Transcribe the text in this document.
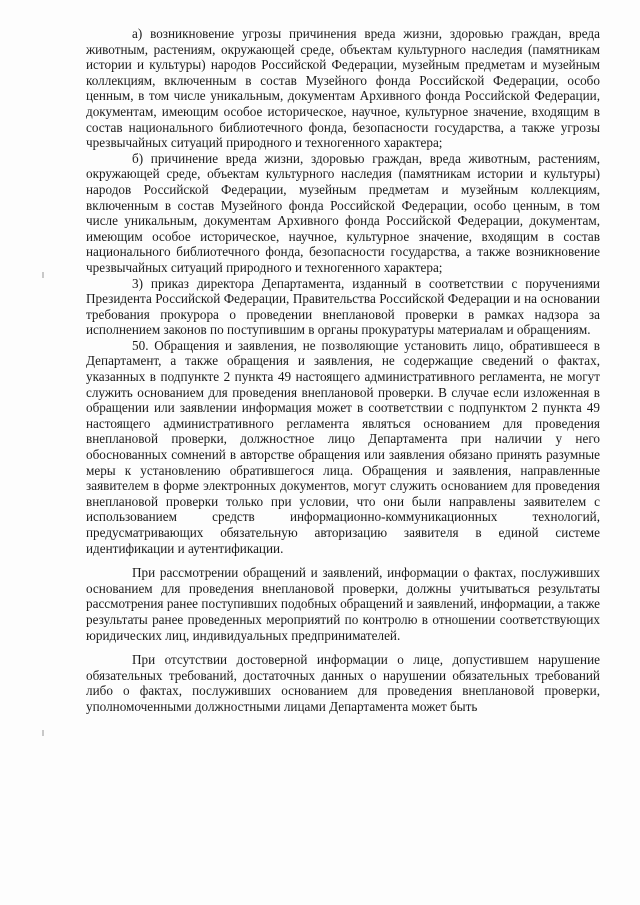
а) возникновение угрозы причинения вреда жизни, здоровью граждан, вреда животным, растениям, окружающей среде, объектам культурного наследия (памятникам истории и культуры) народов Российской Федерации, музейным предметам и музейным коллекциям, включенным в состав Музейного фонда Российской Федерации, особо ценным, в том числе уникальным, документам Архивного фонда Российской Федерации, документам, имеющим особое историческое, научное, культурное значение, входящим в состав национального библиотечного фонда, безопасности государства, а также угрозы чрезвычайных ситуаций природного и техногенного характера;

б) причинение вреда жизни, здоровью граждан, вреда животным, растениям, окружающей среде, объектам культурного наследия (памятникам истории и культуры) народов Российской Федерации, музейным предметам и музейным коллекциям, включенным в состав Музейного фонда Российской Федерации, особо ценным, в том числе уникальным, документам Архивного фонда Российской Федерации, документам, имеющим особое историческое, научное, культурное значение, входящим в состав национального библиотечного фонда, безопасности государства, а также возникновение чрезвычайных ситуаций природного и техногенного характера;

3) приказ директора Департамента, изданный в соответствии с поручениями Президента Российской Федерации, Правительства Российской Федерации и на основании требования прокурора о проведении внеплановой проверки в рамках надзора за исполнением законов по поступившим в органы прокуратуры материалам и обращениям.

50. Обращения и заявления, не позволяющие установить лицо, обратившееся в Департамент, а также обращения и заявления, не содержащие сведений о фактах, указанных в подпункте 2 пункта 49 настоящего административного регламента, не могут служить основанием для проведения внеплановой проверки. В случае если изложенная в обращении или заявлении информация может в соответствии с подпунктом 2 пункта 49 настоящего административного регламента являться основанием для проведения внеплановой проверки, должностное лицо Департамента при наличии у него обоснованных сомнений в авторстве обращения или заявления обязано принять разумные меры к установлению обратившегося лица. Обращения и заявления, направленные заявителем в форме электронных документов, могут служить основанием для проведения внеплановой проверки только при условии, что они были направлены заявителем с использованием средств информационно-коммуникационных технологий, предусматривающих обязательную авторизацию заявителя в единой системе идентификации и аутентификации.

При рассмотрении обращений и заявлений, информации о фактах, послуживших основанием для проведения внеплановой проверки, должны учитываться результаты рассмотрения ранее поступивших подобных обращений и заявлений, информации, а также результаты ранее проведенных мероприятий по контролю в отношении соответствующих юридических лиц, индивидуальных предпринимателей.

При отсутствии достоверной информации о лице, допустившем нарушение обязательных требований, достаточных данных о нарушении обязательных требований либо о фактах, послуживших основанием для проведения внеплановой проверки, уполномоченными должностными лицами Департамента может быть
